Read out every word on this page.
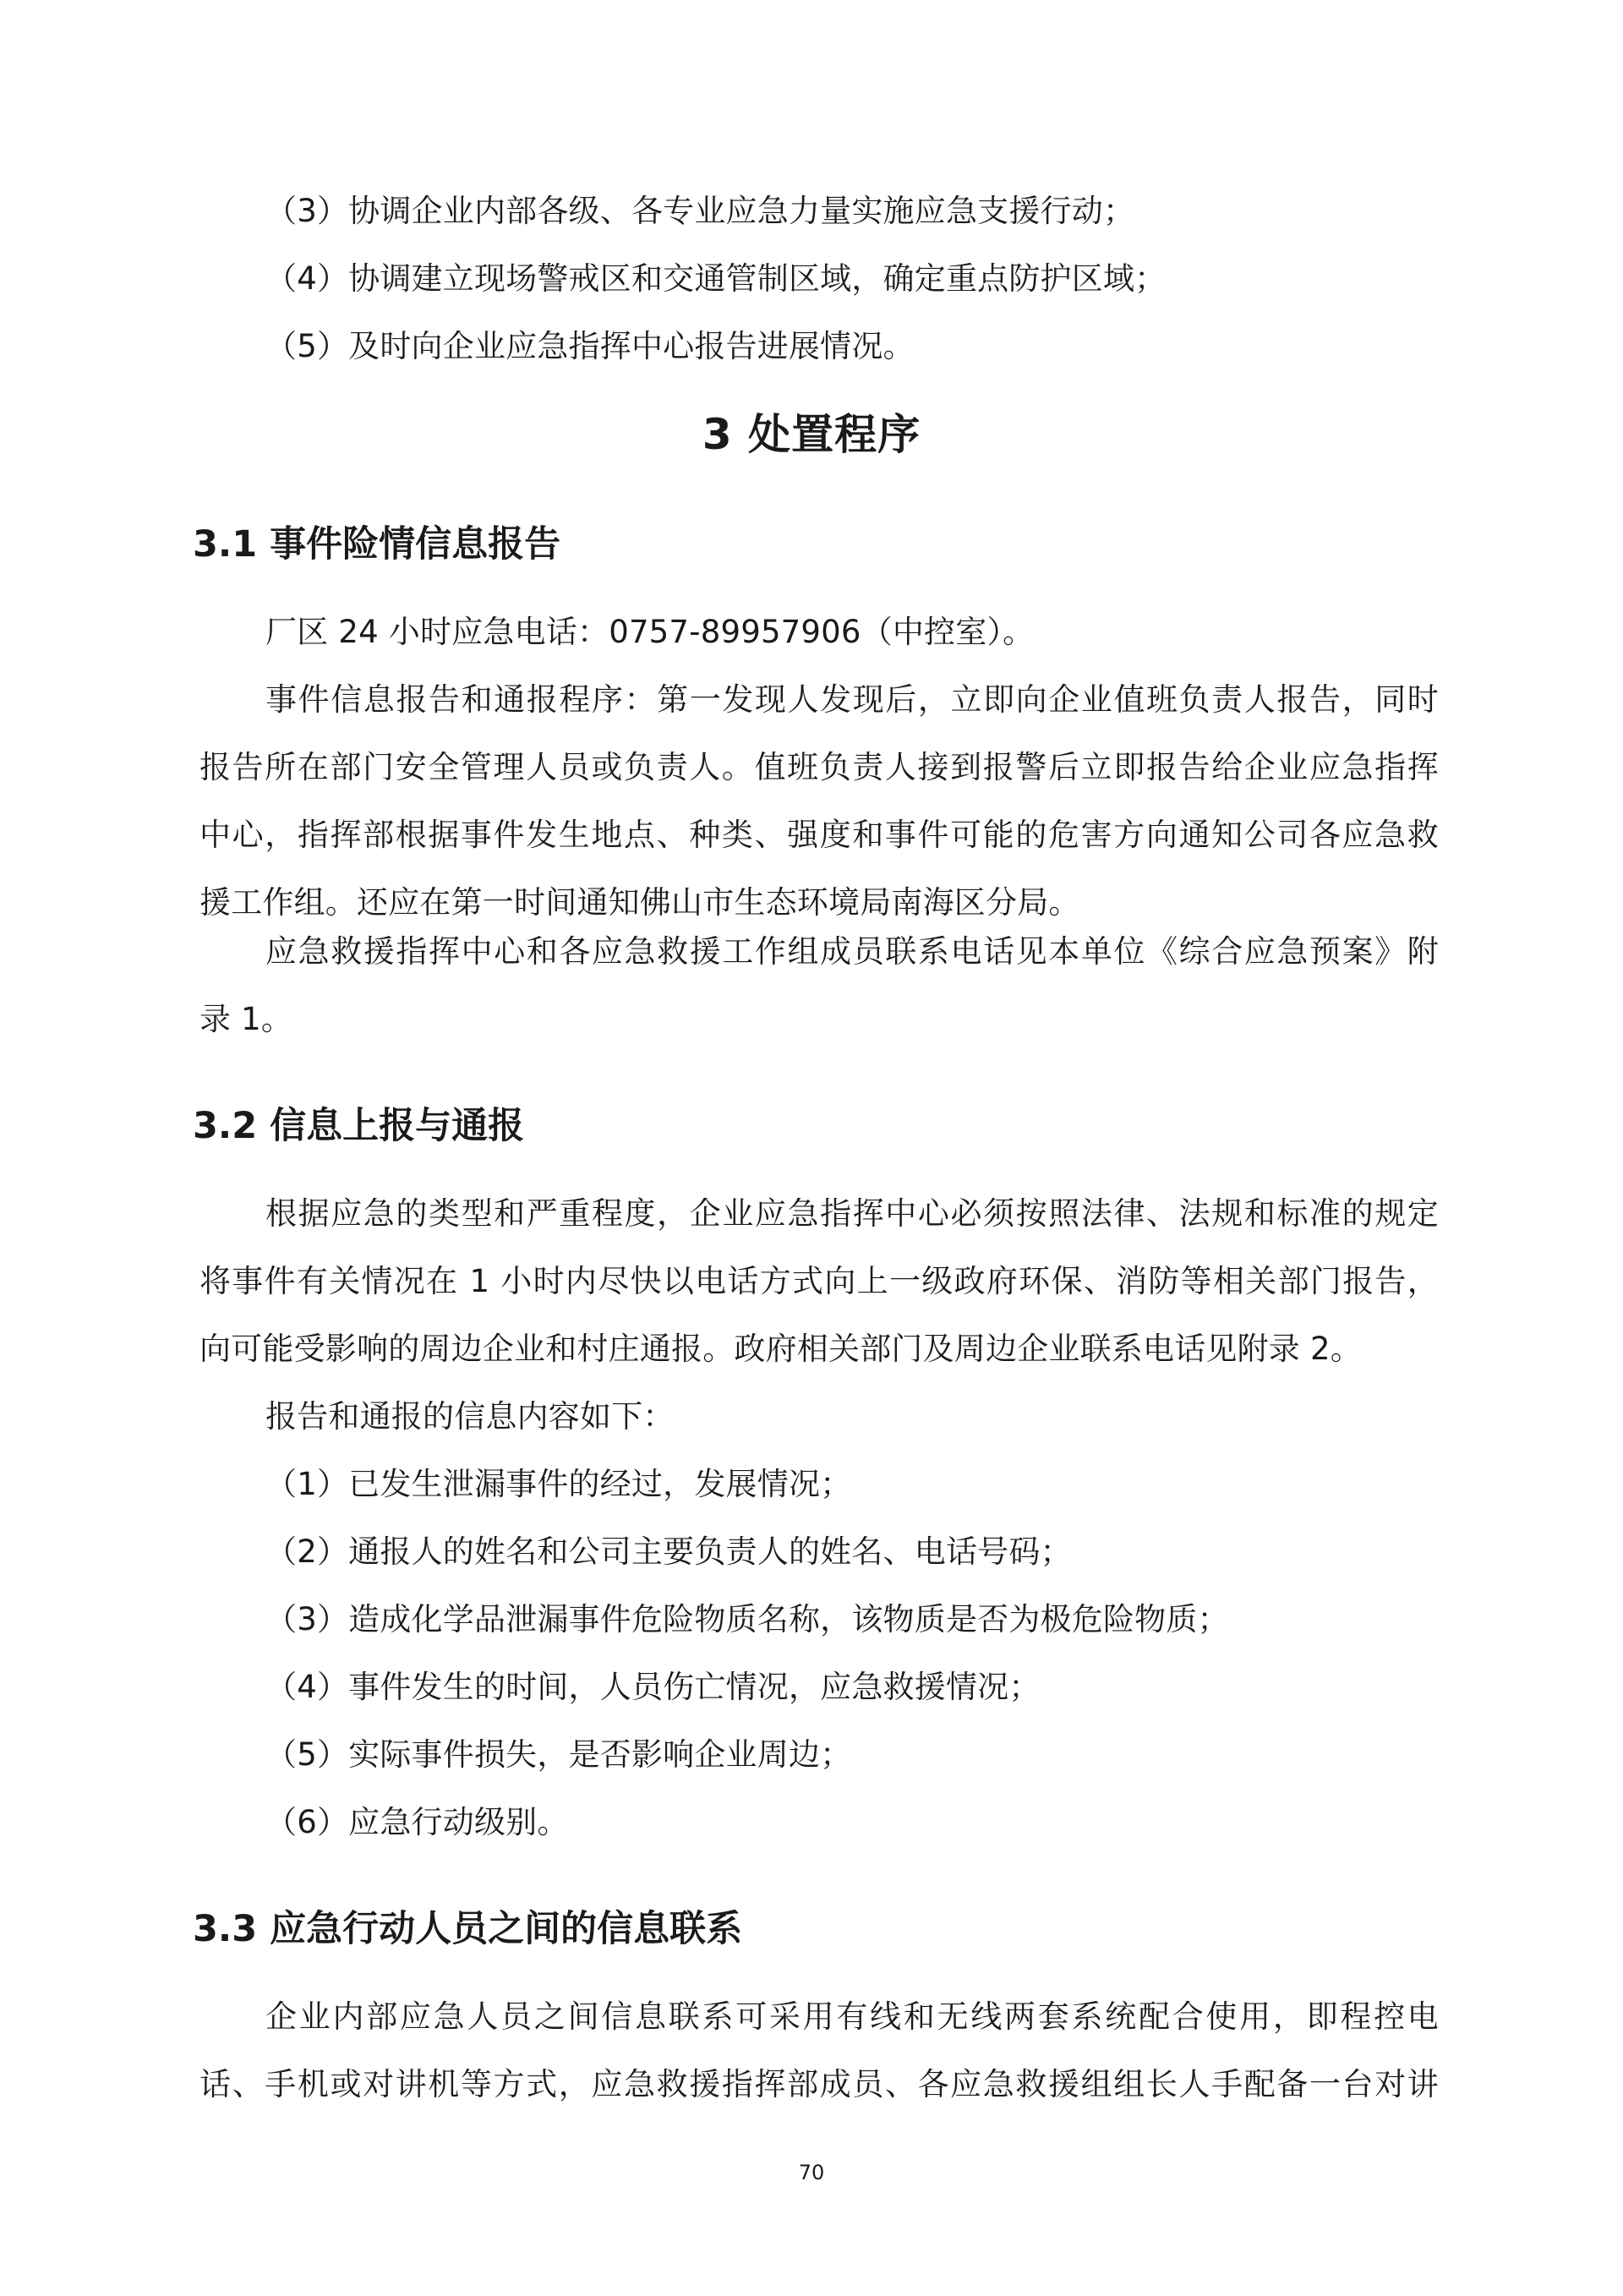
（3）协调企业内部各级、各专业应急力量实施应急支援行动；
（4）协调建立现场警戒区和交通管制区域，确定重点防护区域；
（5）及时向企业应急指挥中心报告进展情况。
3 处置程序
3.1 事件险情信息报告
厂区 24 小时应急电话：0757-89957906（中控室）。
事件信息报告和通报程序：第一发现人发现后，立即向企业值班负责人报告，同时
报告所在部门安全管理人员或负责人。值班负责人接到报警后立即报告给企业应急指挥
中心，指挥部根据事件发生地点、种类、强度和事件可能的危害方向通知公司各应急救
援工作组。还应在第一时间通知佛山市生态环境局南海区分局。
应急救援指挥中心和各应急救援工作组成员联系电话见本单位《综合应急预案》附
录 1。
3.2 信息上报与通报
根据应急的类型和严重程度，企业应急指挥中心必须按照法律、法规和标准的规定
将事件有关情况在 1 小时内尽快以电话方式向上一级政府环保、消防等相关部门报告，
向可能受影响的周边企业和村庄通报。政府相关部门及周边企业联系电话见附录 2。
报告和通报的信息内容如下：
（1）已发生泄漏事件的经过，发展情况；
（2）通报人的姓名和公司主要负责人的姓名、电话号码；
（3）造成化学品泄漏事件危险物质名称，该物质是否为极危险物质；
（4）事件发生的时间，人员伤亡情况，应急救援情况；
（5）实际事件损失，是否影响企业周边；
（6）应急行动级别。
3.3 应急行动人员之间的信息联系
企业内部应急人员之间信息联系可采用有线和无线两套系统配合使用，即程控电
话、手机或对讲机等方式，应急救援指挥部成员、各应急救援组组长人手配备一台对讲
70
